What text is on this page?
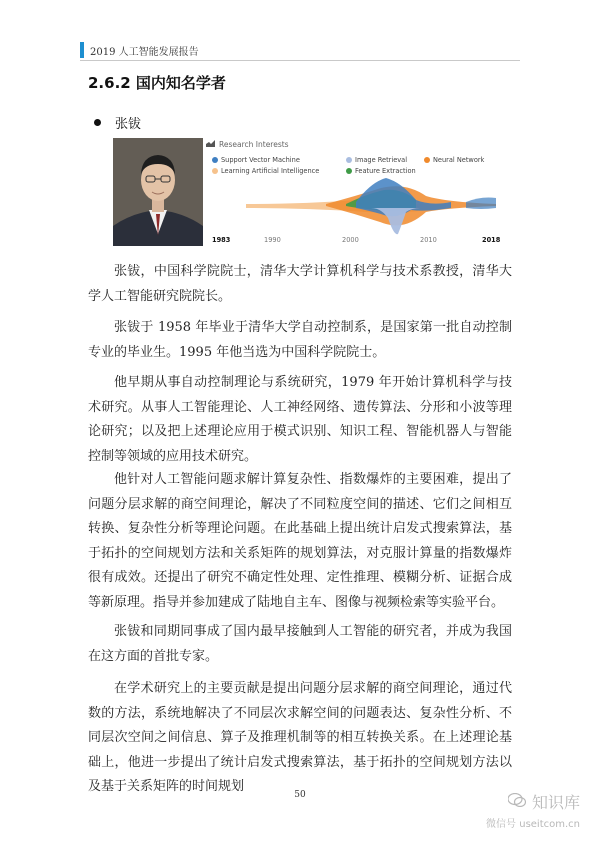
2019 人工智能发展报告
2.6.2 国内知名学者
张钹
Research Interests
Support Vector Machine	Image Retrieval	Neural Network
Learning Artificial Intelligence	Feature Extraction
1983	1990	2000	2010	2018

张钹，中国科学院院士，清华大学计算机科学与技术系教授，清华大学人工智能研究院院长。

张钹于 1958 年毕业于清华大学自动控制系，是国家第一批自动控制专业的毕业生。1995 年他当选为中国科学院院士。

他早期从事自动控制理论与系统研究，1979 年开始计算机科学与技术研究。从事人工智能理论、人工神经网络、遗传算法、分形和小波等理论研究；以及把上述理论应用于模式识别、知识工程、智能机器人与智能控制等领域的应用技术研究。

他针对人工智能问题求解计算复杂性、指数爆炸的主要困难，提出了问题分层求解的商空间理论，解决了不同粒度空间的描述、它们之间相互转换、复杂性分析等理论问题。在此基础上提出统计启发式搜索算法，基于拓扑的空间规划方法和关系矩阵的规划算法，对克服计算量的指数爆炸很有成效。还提出了研究不确定性处理、定性推理、模糊分析、证据合成等新原理。指导并参加建成了陆地自主车、图像与视频检索等实验平台。

张钹和同期同事成了国内最早接触到人工智能的研究者，并成为我国在这方面的首批专家。

在学术研究上的主要贡献是提出问题分层求解的商空间理论，通过代数的方法，系统地解决了不同层次求解空间的问题表达、复杂性分析、不同层次空间之间信息、算子及推理机制等的相互转换关系。在上述理论基础上，他进一步提出了统计启发式搜索算法，基于拓扑的空间规划方法以及基于关系矩阵的时间规划

50	知识库
微信号 useitcom.cn
